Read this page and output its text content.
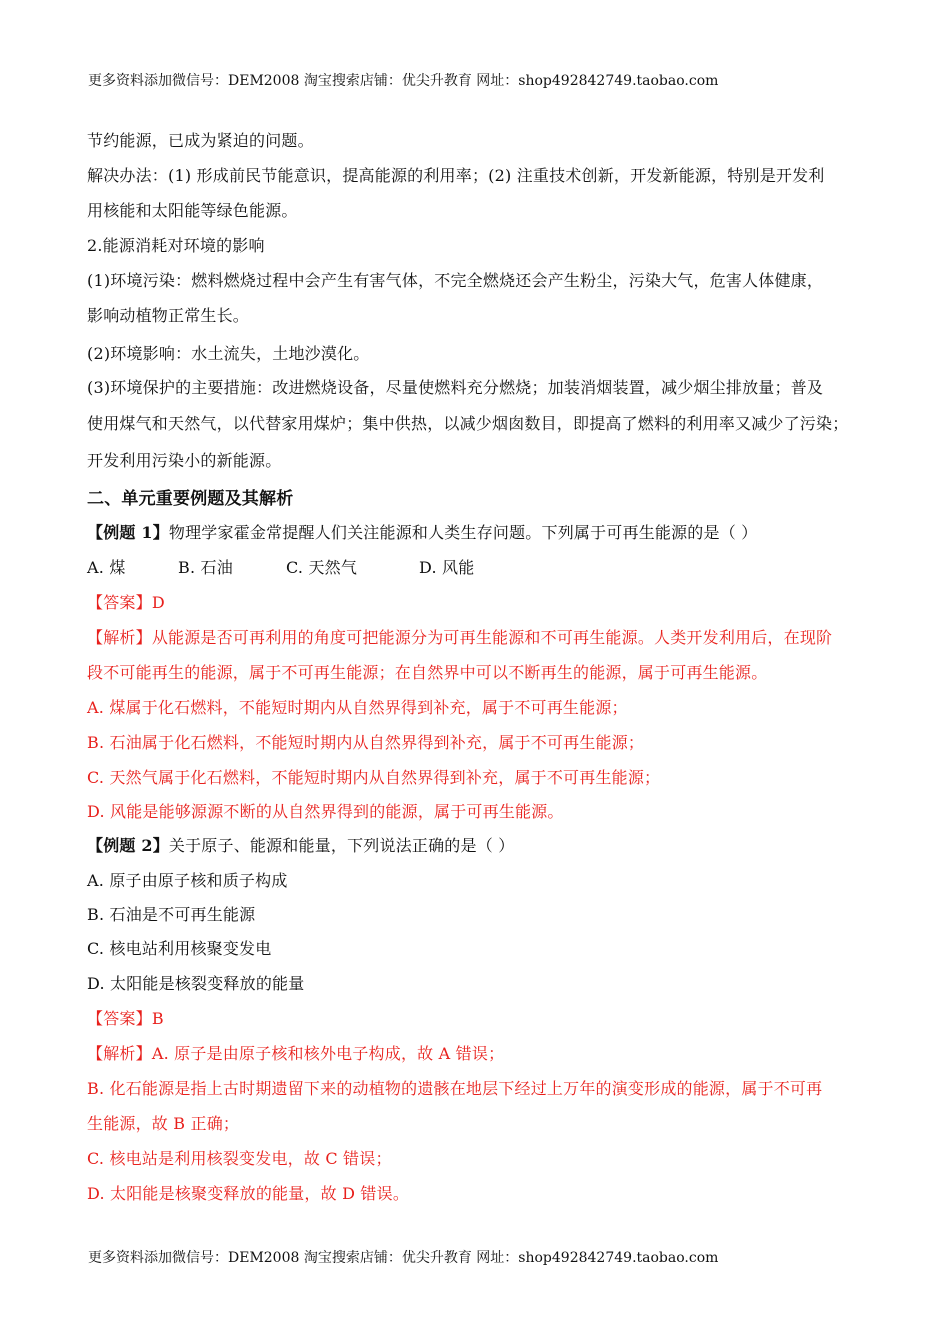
更多资料添加微信号：DEM2008 淘宝搜索店铺：优尖升教育 网址：shop492842749.taobao.com
节约能源，已成为紧迫的问题。
解决办法：(1) 形成前民节能意识，提高能源的利用率；(2) 注重技术创新，开发新能源，特别是开发利
用核能和太阳能等绿色能源。
2.能源消耗对环境的影响
(1)环境污染：燃料燃烧过程中会产生有害气体，不完全燃烧还会产生粉尘，污染大气，危害人体健康，
影响动植物正常生长。
(2)环境影响：水土流失，土地沙漠化。
(3)环境保护的主要措施：改进燃烧设备，尽量使燃料充分燃烧；加装消烟装置，减少烟尘排放量；普及
使用煤气和天然气，以代替家用煤炉；集中供热，以减少烟囱数目，即提高了燃料的利用率又减少了污染；
开发利用污染小的新能源。
二、单元重要例题及其解析
【例题 1】物理学家霍金常提醒人们关注能源和人类生存问题。下列属于可再生能源的是（ ）
A. 煤	B. 石油	C. 天然气	D. 风能
【答案】D
【解析】从能源是否可再利用的角度可把能源分为可再生能源和不可再生能源。人类开发利用后，在现阶
段不可能再生的能源，属于不可再生能源；在自然界中可以不断再生的能源，属于可再生能源。
A. 煤属于化石燃料，不能短时期内从自然界得到补充，属于不可再生能源；
B. 石油属于化石燃料，不能短时期内从自然界得到补充，属于不可再生能源；
C. 天然气属于化石燃料，不能短时期内从自然界得到补充，属于不可再生能源；
D. 风能是能够源源不断的从自然界得到的能源，属于可再生能源。
【例题 2】关于原子、能源和能量，下列说法正确的是（ ）
A. 原子由原子核和质子构成
B. 石油是不可再生能源
C. 核电站利用核聚变发电
D. 太阳能是核裂变释放的能量
【答案】B
【解析】A. 原子是由原子核和核外电子构成，故 A 错误；
B. 化石能源是指上古时期遗留下来的动植物的遗骸在地层下经过上万年的演变形成的能源，属于不可再
生能源，故 B 正确；
C. 核电站是利用核裂变发电，故 C 错误；
D. 太阳能是核聚变释放的能量，故 D 错误。
更多资料添加微信号：DEM2008 淘宝搜索店铺：优尖升教育 网址：shop492842749.taobao.com
